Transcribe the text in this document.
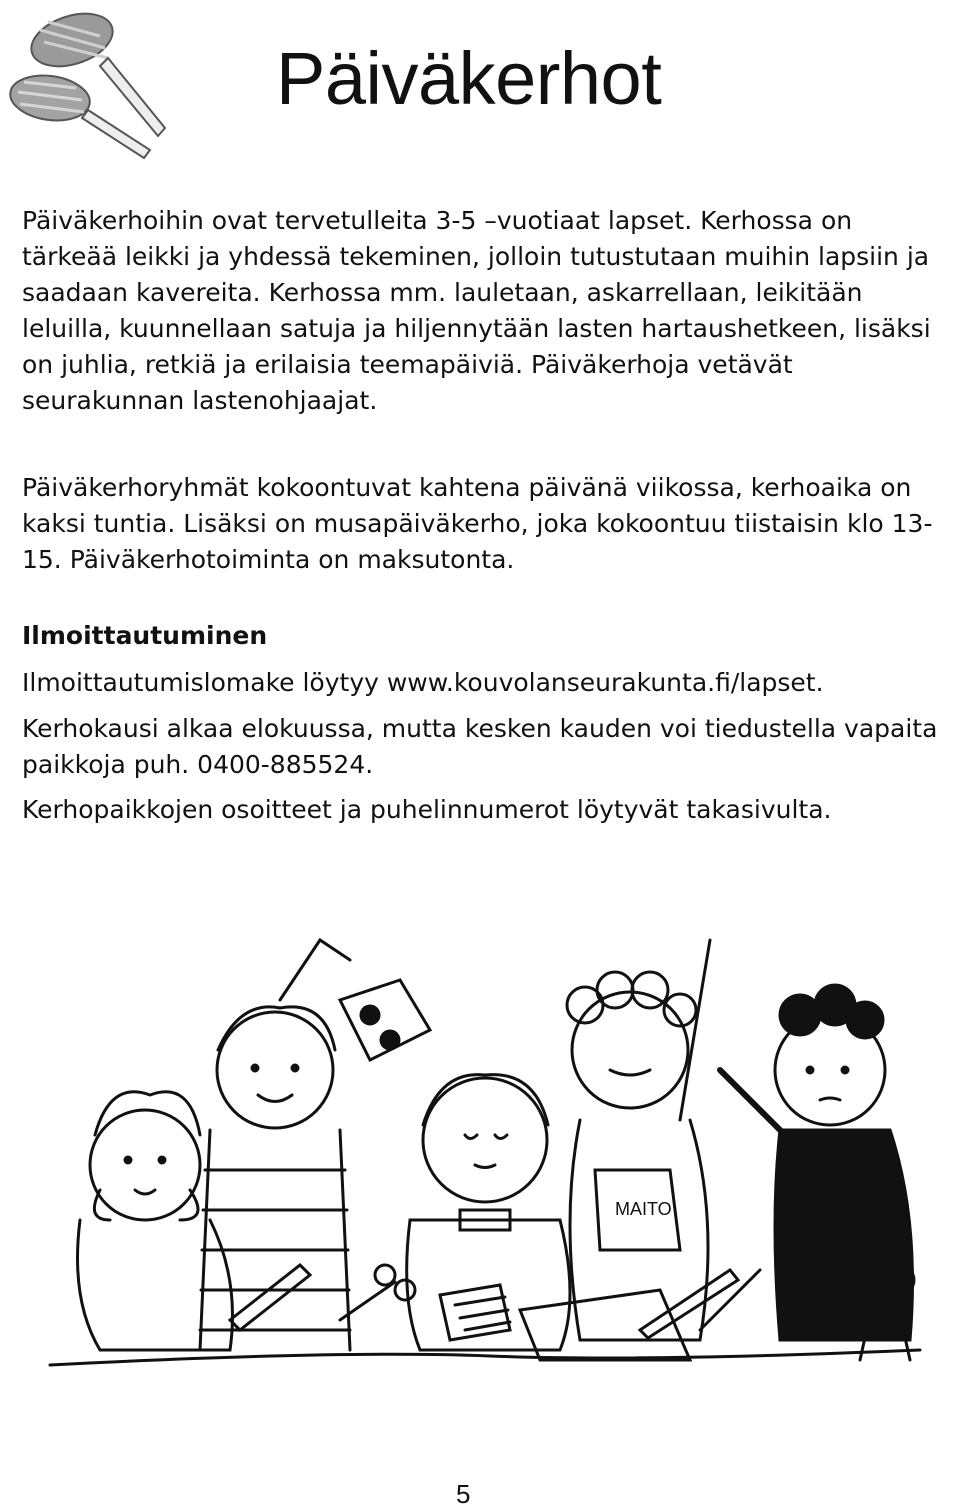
Päiväkerhot

Päiväkerhoihin ovat tervetulleita 3-5 –vuotiaat lapset. Kerhossa on tärkeää leikki ja yhdessä tekeminen, jolloin tutustutaan muihin lapsiin ja saadaan kavereita. Kerhossa mm. lauletaan, askarrellaan, leikitään leluilla, kuunnellaan satuja ja hiljennytään lasten hartaushetkeen, lisäksi on juhlia, retkiä ja erilaisia teemapäiviä. Päiväkerhoja vetävät seurakunnan lastenohjaajat.

Päiväkerhoryhmät kokoontuvat kahtena päivänä viikossa, kerhoaika on kaksi tuntia. Lisäksi on musapäiväkerho, joka kokoontuu tiistaisin klo 13-15. Päiväkerhotoiminta on maksutonta.

Ilmoittautuminen

Ilmoittautumislomake löytyy www.kouvolanseurakunta.fi/lapset.

Kerhokausi alkaa elokuussa, mutta kesken kauden voi tiedustella vapaita paikkoja puh. 0400-885524.

Kerhopaikkojen osoitteet ja puhelinnumerot löytyvät takasivulta.

MAITO
5
